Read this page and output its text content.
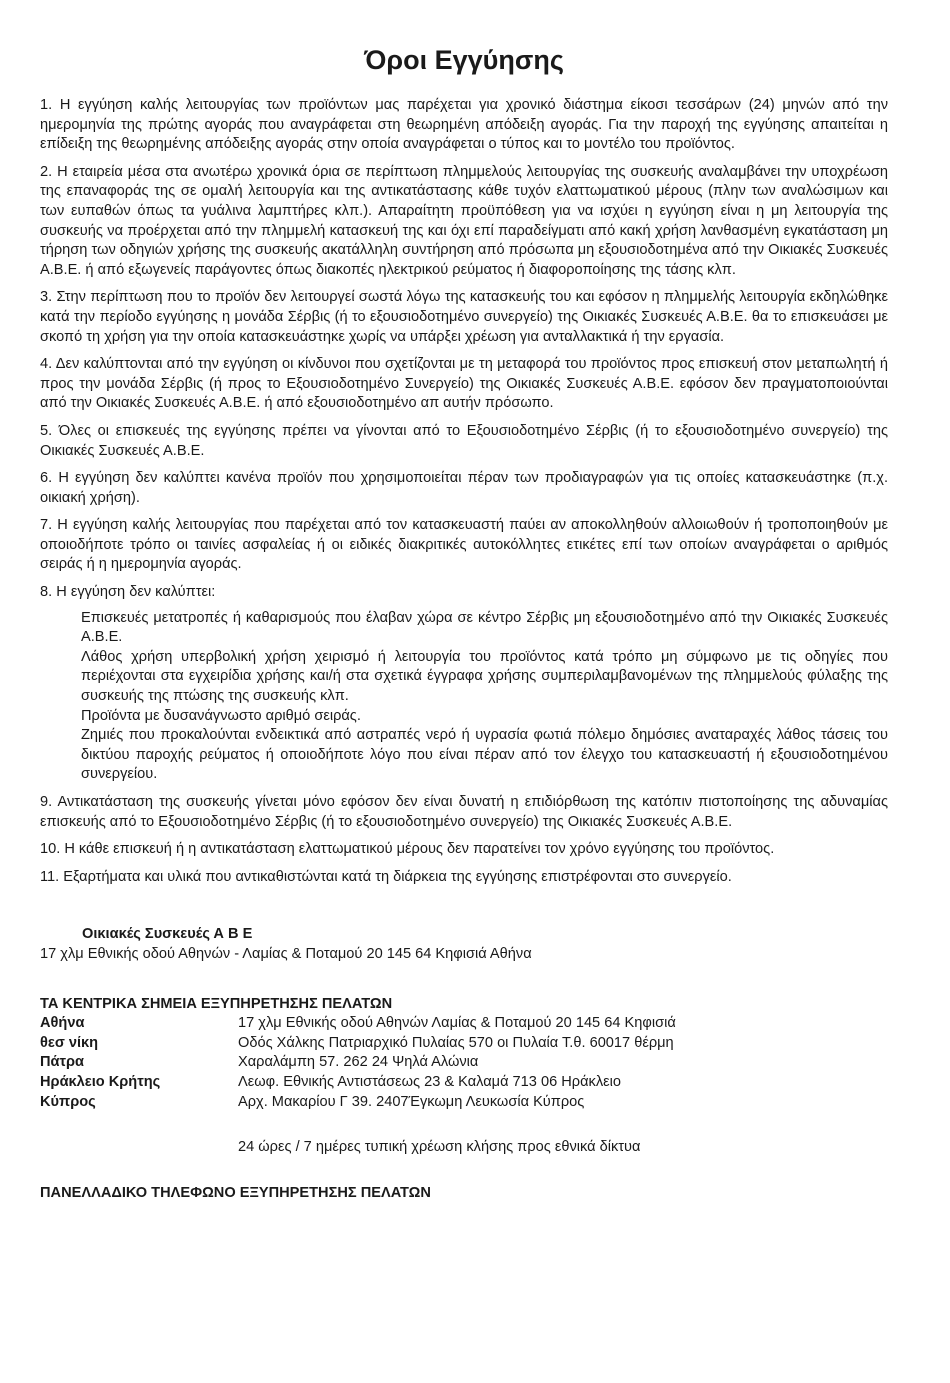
Όροι Εγγύησης

1. Η εγγύηση καλής λειτουργίας των προϊόντων μας παρέχεται για χρονικό διάστημα είκοσι τεσσάρων (24) μηνών από την ημερομηνία της πρώτης αγοράς που αναγράφεται στη θεωρημένη απόδειξη αγοράς. Για την παροχή της εγγύησης απαιτείται η επίδειξη της θεωρημένης απόδειξης αγοράς στην οποία αναγράφεται ο τύπος και το μοντέλο του προϊόντος.

2. Η εταιρεία μέσα στα ανωτέρω χρονικά όρια σε περίπτωση πλημμελούς λειτουργίας της συσκευής αναλαμβάνει την υποχρέωση της επαναφοράς της σε ομαλή λειτουργία και της αντικατάστασης κάθε τυχόν ελαττωματικού μέρους (πλην των αναλώσιμων και των ευπαθών όπως τα γυάλινα λαμπτήρες κλπ.). Απαραίτητη προϋπόθεση για να ισχύει η εγγύηση είναι η μη λειτουργία της συσκευής να προέρχεται από την πλημμελή κατασκευή της και όχι επί παραδείγματι από κακή χρήση λανθασμένη εγκατάσταση μη τήρηση των οδηγιών χρήσης της συσκευής ακατάλληλη συντήρηση από πρόσωπα μη εξουσιοδοτημένα από την Οικιακές Συσκευές Α.Β.Ε. ή από εξωγενείς παράγοντες όπως διακοπές ηλεκτρικού ρεύματος ή διαφοροποίησης της τάσης κλπ.

3. Στην περίπτωση που το προϊόν δεν λειτουργεί σωστά λόγω της κατασκευής του και εφόσον η πλημμελής λειτουργία εκδηλώθηκε κατά την περίοδο εγγύησης η μονάδα Σέρβις (ή το εξουσιοδοτημένο συνεργείο) της Οικιακές Συσκευές Α.Β.Ε. θα το επισκευάσει με σκοπό τη χρήση για την οποία κατασκευάστηκε χωρίς να υπάρξει χρέωση για ανταλλακτικά ή την εργασία.

4. Δεν καλύπτονται από την εγγύηση οι κίνδυνοι που σχετίζονται με τη μεταφορά του προϊόντος προς επισκευή στον μεταπωλητή ή προς την μονάδα Σέρβις (ή προς το Εξουσιοδοτημένο Συνεργείο) της Οικιακές Συσκευές Α.Β.Ε. εφόσον δεν πραγματοποιούνται από την Οικιακές Συσκευές Α.Β.Ε. ή από εξουσιοδοτημένο απ αυτήν πρόσωπο.

5. Όλες οι επισκευές της εγγύησης πρέπει να γίνονται από το Εξουσιοδοτημένο Σέρβις (ή το εξουσιοδοτημένο συνεργείο) της Οικιακές Συσκευές Α.Β.Ε.

6. Η εγγύηση δεν καλύπτει κανένα προϊόν που χρησιμοποιείται πέραν των προδιαγραφών για τις οποίες κατασκευάστηκε (π.χ. οικιακή χρήση).

7. Η εγγύηση καλής λειτουργίας που παρέχεται από τον κατασκευαστή παύει αν αποκολληθούν αλλοιωθούν ή τροποποιηθούν με οποιοδήποτε τρόπο οι ταινίες ασφαλείας ή οι ειδικές διακριτικές αυτοκόλλητες ετικέτες επί των οποίων αναγράφεται ο αριθμός σειράς ή η ημερομηνία αγοράς.

8. Η εγγύηση δεν καλύπτει:

Επισκευές μετατροπές ή καθαρισμούς που έλαβαν χώρα σε κέντρο Σέρβις μη εξουσιοδοτημένο από την Οικιακές Συσκευές Α.Β.Ε.
Λάθος χρήση υπερβολική χρήση χειρισμό ή λειτουργία του προϊόντος κατά τρόπο μη σύμφωνο με τις οδηγίες που περιέχονται στα εγχειρίδια χρήσης και/ή στα σχετικά έγγραφα χρήσης συμπεριλαμβανομένων της πλημμελούς φύλαξης της συσκευής της πτώσης της συσκευής κλπ.
Προϊόντα με δυσανάγνωστο αριθμό σειράς.
Ζημιές που προκαλούνται ενδεικτικά από αστραπές νερό ή υγρασία φωτιά πόλεμο δημόσιες αναταραχές λάθος τάσεις του δικτύου παροχής ρεύματος ή οποιοδήποτε λόγο που είναι πέραν από τον έλεγχο του κατασκευαστή ή εξουσιοδοτημένου συνεργείου.

9. Αντικατάσταση της συσκευής γίνεται μόνο εφόσον δεν είναι δυνατή η επιδιόρθωση της κατόπιν πιστοποίησης της αδυναμίας επισκευής από το Εξουσιοδοτημένο Σέρβις (ή το εξουσιοδοτημένο συνεργείο) της Οικιακές Συσκευές Α.Β.Ε.

10. Η κάθε επισκευή ή η αντικατάσταση ελαττωματικού μέρους δεν παρατείνει τον χρόνο εγγύησης του προϊόντος.

11. Εξαρτήματα και υλικά που αντικαθιστώνται κατά τη διάρκεια της εγγύησης επιστρέφονται στο συνεργείο.

Οικιακές Συσκευές Α Β Ε
17 χλμ Εθνικής οδού Αθηνών - Λαμίας & Ποταμού 20 145 64 Κηφισιά Αθήνα
ΤΑ ΚΕΝΤΡΙΚΑ ΣΗΜΕΙΑ ΕΞΥΠΗΡΕΤΗΣΗΣ ΠΕΛΑΤΩΝ
Αθήνα	17 χλμ Εθνικής οδού Αθηνών Λαμίας & Ποταμού 20 145 64 Κηφισιά
θεσ νίκη	Οδός Χάλκης Πατριαρχικό Πυλαίας 570 οι Πυλαία Τ.θ. 60017 θέρμη
Πάτρα	Χαραλάμπη 57. 262 24 Ψηλά Αλώνια
Ηράκλειο Κρήτης	Λεωφ. Εθνικής Αντιστάσεως 23 & Καλαμά 713 06 Ηράκλειο
Κύπρος	Αρχ. Μακαρίου Γ 39. 2407Έγκωμη Λευκωσία Κύπρος
24 ώρες / 7 ημέρες τυπική χρέωση κλήσης προς εθνικά δίκτυα
ΠΑΝΕΛΛΑΔΙΚΟ ΤΗΛΕΦΩΝΟ ΕΞΥΠΗΡΕΤΗΣΗΣ ΠΕΛΑΤΩΝ
